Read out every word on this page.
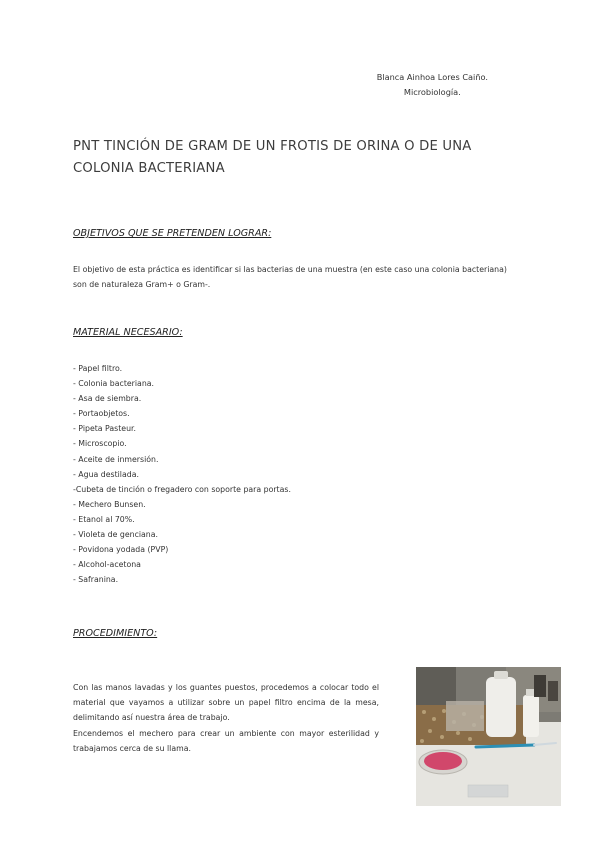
Blanca Ainhoa Lores Caiño.
Microbiología.
PNT TINCIÓN DE GRAM DE UN FROTIS DE ORINA O DE UNA COLONIA BACTERIANA
OBJETIVOS QUE SE PRETENDEN LOGRAR:
El objetivo de esta práctica es identificar si las bacterias de una muestra (en este caso una colonia bacteriana) son de naturaleza Gram+ o Gram-.
MATERIAL NECESARIO:
- Papel filtro.
- Colonia bacteriana.
- Asa de siembra.
- Portaobjetos.
- Pipeta Pasteur.
- Microscopio.
- Aceite de inmersión.
- Agua destilada.
-Cubeta de tinción o fregadero con soporte para portas.
- Mechero Bunsen.
- Etanol al 70%.
- Violeta de genciana.
- Povidona yodada (PVP)
- Alcohol-acetona
- Safranina.
PROCEDIMIENTO:

Con las manos lavadas y los guantes puestos, procedemos a colocar todo el material que vayamos a utilizar sobre un papel filtro encima de la mesa, delimitando así nuestra área de trabajo.

Encendemos el mechero para crear un ambiente con mayor esterilidad y trabajamos cerca de su llama.
